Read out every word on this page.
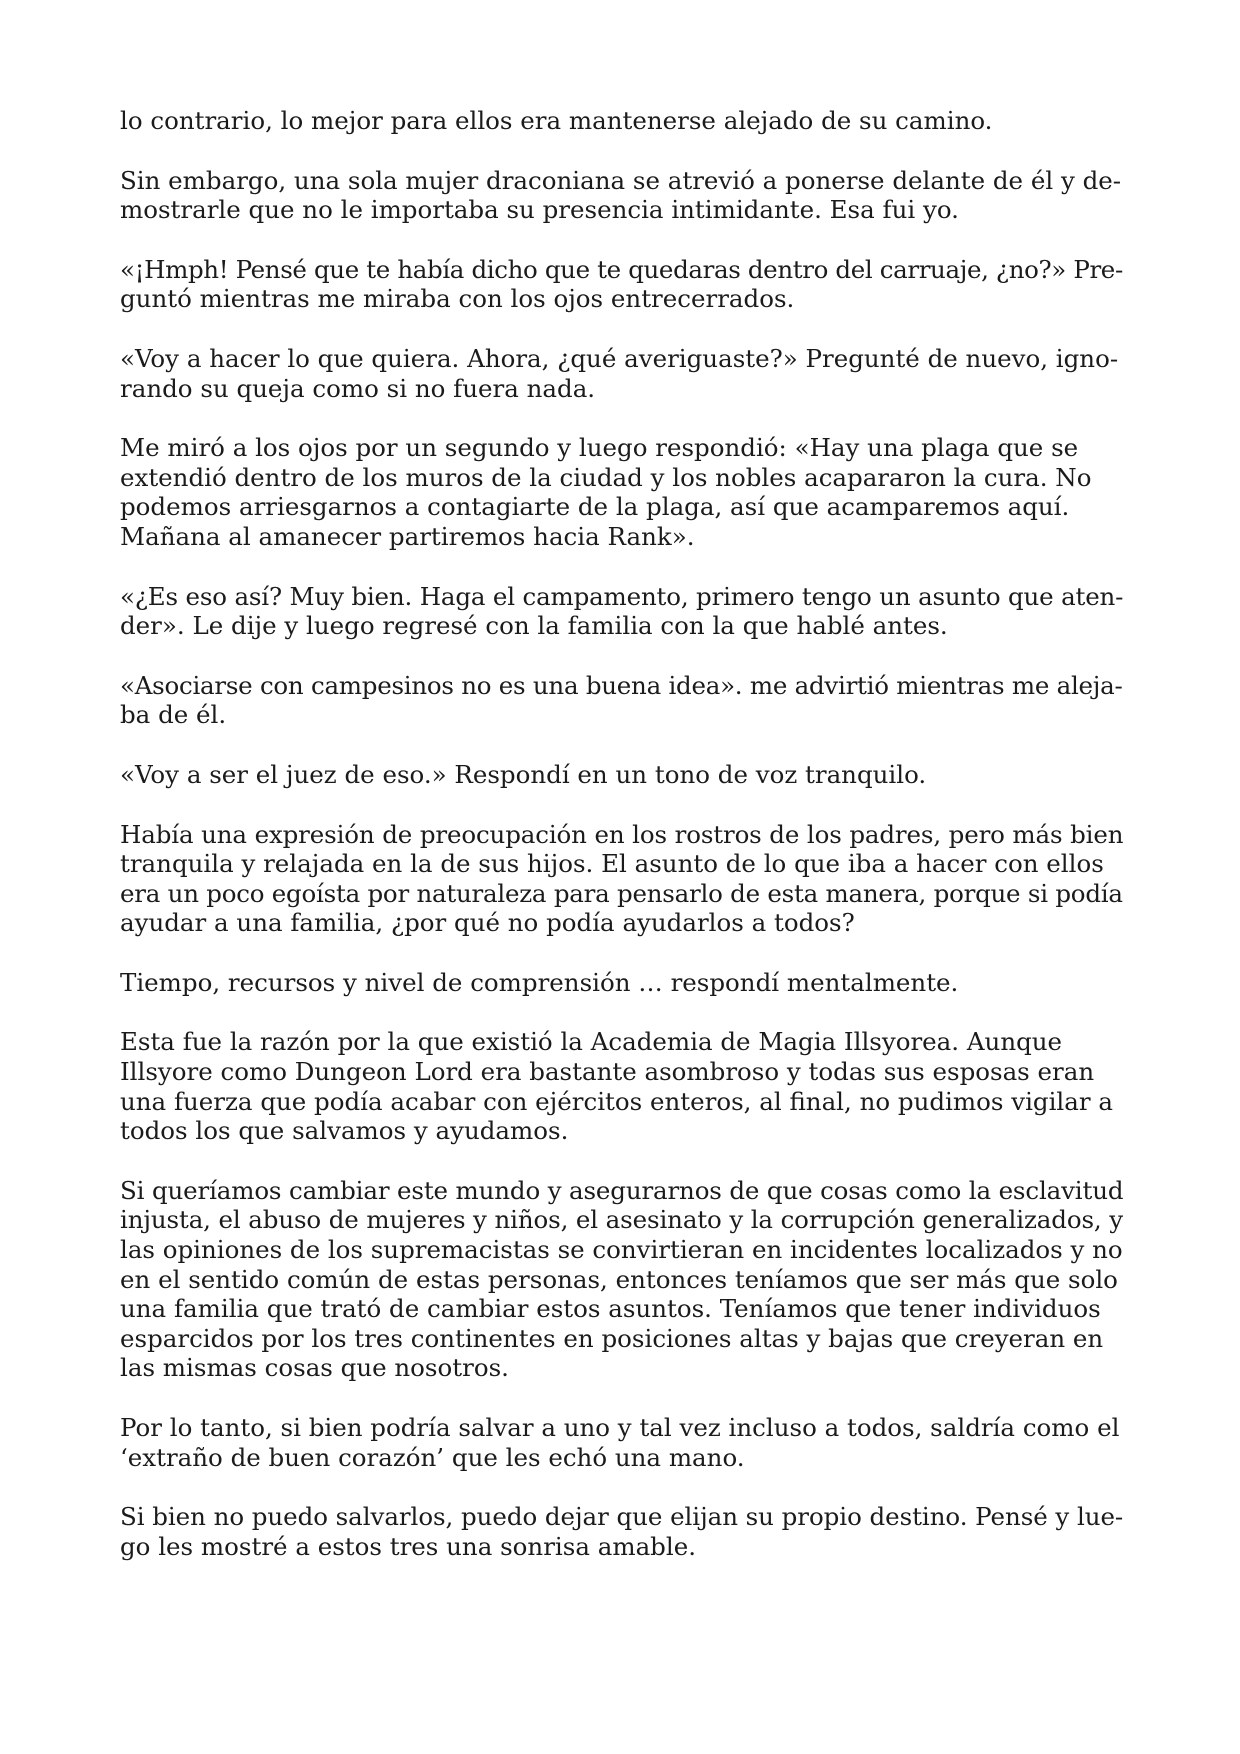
lo contrario, lo mejor para ellos era mantenerse alejado de su camino.

Sin embargo, una sola mujer draconiana se atrevió a ponerse delante de él y de-
mostrarle que no le importaba su presencia intimidante. Esa fui yo.

«¡Hmph! Pensé que te había dicho que te quedaras dentro del carruaje, ¿no?» Pre-
guntó mientras me miraba con los ojos entrecerrados.

«Voy a hacer lo que quiera. Ahora, ¿qué averiguaste?» Pregunté de nuevo, igno-
rando su queja como si no fuera nada.

Me miró a los ojos por un segundo y luego respondió: «Hay una plaga que se
extendió dentro de los muros de la ciudad y los nobles acapararon la cura. No
podemos arriesgarnos a contagiarte de la plaga, así que acamparemos aquí.
Mañana al amanecer partiremos hacia Rank».

«¿Es eso así? Muy bien. Haga el campamento, primero tengo un asunto que aten-
der». Le dije y luego regresé con la familia con la que hablé antes.

«Asociarse con campesinos no es una buena idea». me advirtió mientras me aleja-
ba de él.

«Voy a ser el juez de eso.» Respondí en un tono de voz tranquilo.

Había una expresión de preocupación en los rostros de los padres, pero más bien
tranquila y relajada en la de sus hijos. El asunto de lo que iba a hacer con ellos
era un poco egoísta por naturaleza para pensarlo de esta manera, porque si podía
ayudar a una familia, ¿por qué no podía ayudarlos a todos?

Tiempo, recursos y nivel de comprensión … respondí mentalmente.

Esta fue la razón por la que existió la Academia de Magia Illsyorea. Aunque
Illsyore como Dungeon Lord era bastante asombroso y todas sus esposas eran
una fuerza que podía acabar con ejércitos enteros, al final, no pudimos vigilar a
todos los que salvamos y ayudamos.

Si queríamos cambiar este mundo y asegurarnos de que cosas como la esclavitud
injusta, el abuso de mujeres y niños, el asesinato y la corrupción generalizados, y
las opiniones de los supremacistas se convirtieran en incidentes localizados y no
en el sentido común de estas personas, entonces teníamos que ser más que solo
una familia que trató de cambiar estos asuntos. Teníamos que tener individuos
esparcidos por los tres continentes en posiciones altas y bajas que creyeran en
las mismas cosas que nosotros.

Por lo tanto, si bien podría salvar a uno y tal vez incluso a todos, saldría como el
‘extraño de buen corazón’ que les echó una mano.

Si bien no puedo salvarlos, puedo dejar que elijan su propio destino. Pensé y lue-
go les mostré a estos tres una sonrisa amable.
